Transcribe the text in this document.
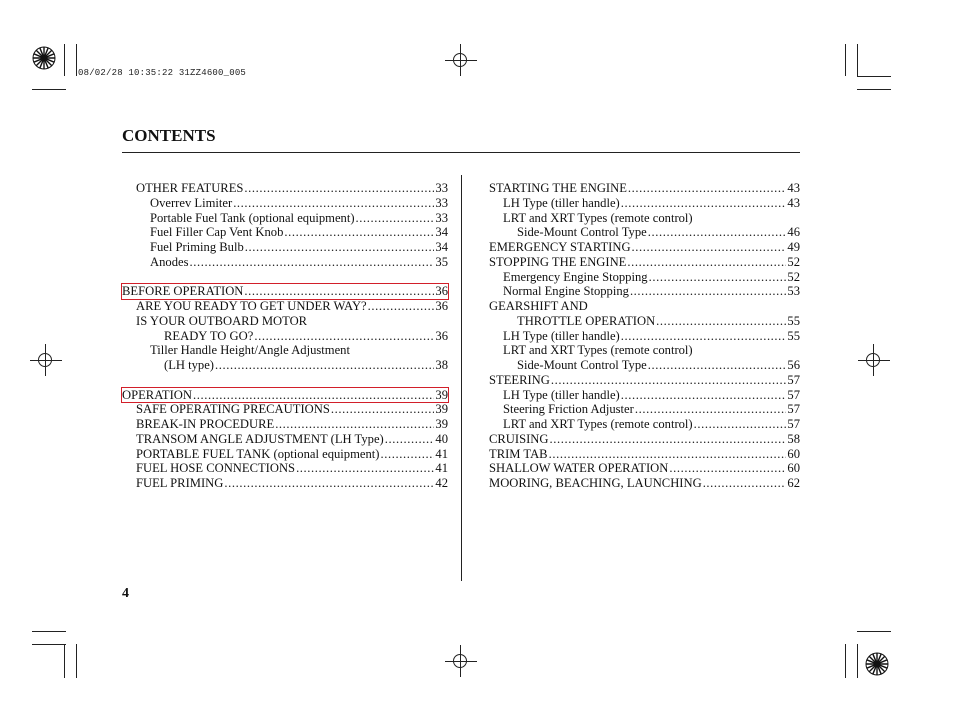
08/02/28 10:35:22 31ZZ4600_005
CONTENTS
OTHER FEATURES .....	33
Overrev Limiter .....	33
Portable Fuel Tank (optional equipment) .....	33
Fuel Filler Cap Vent Knob .....	34
Fuel Priming Bulb .....	34
Anodes .....	35
BEFORE OPERATION .....	36
ARE YOU READY TO GET UNDER WAY? .....	36
IS YOUR OUTBOARD MOTOR
READY TO GO? .....	36
Tiller Handle Height/Angle Adjustment
(LH type) .....	38
OPERATION .....	39
SAFE OPERATING PRECAUTIONS .....	39
BREAK-IN PROCEDURE .....	39
TRANSOM ANGLE ADJUSTMENT (LH Type) .....	40
PORTABLE FUEL TANK (optional equipment) .....	41
FUEL HOSE CONNECTIONS .....	41
FUEL PRIMING .....	42
STARTING THE ENGINE .....	43
LH Type (tiller handle) .....	43
LRT and XRT Types (remote control)
Side-Mount Control Type .....	46
EMERGENCY STARTING .....	49
STOPPING THE ENGINE .....	52
Emergency Engine Stopping .....	52
Normal Engine Stopping .....	53
GEARSHIFT AND
THROTTLE OPERATION .....	55
LH Type (tiller handle) .....	55
LRT and XRT Types (remote control)
Side-Mount Control Type .....	56
STEERING .....	57
LH Type (tiller handle) .....	57
Steering Friction Adjuster .....	57
LRT and XRT Types (remote control) .....	57
CRUISING .....	58
TRIM TAB .....	60
SHALLOW WATER OPERATION .....	60
MOORING, BEACHING, LAUNCHING .....	62
4
